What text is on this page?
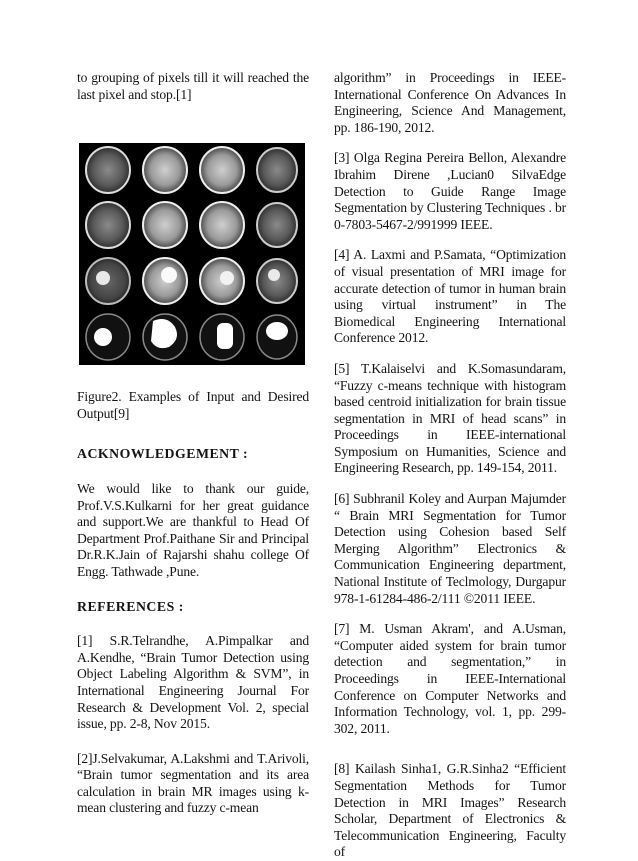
to grouping of pixels till it will reached the last pixel and stop.[1]

Figure2. Examples of Input and Desired Output[9]

ACKNOWLEDGEMENT :

We would like to thank our guide, Prof.V.S.Kulkarni for her great guidance and support.We are thankful to Head Of Department Prof.Paithane Sir and Principal Dr.R.K.Jain of Rajarshi shahu college Of Engg. Tathwade ,Pune.

REFERENCES :

[1] S.R.Telrandhe, A.Pimpalkar and A.Kendhe, “Brain Tumor Detection using Object Labeling Algorithm & SVM”, in International Engineering Journal For Research & Development Vol. 2, special issue, pp. 2-8, Nov 2015.

[2]J.Selvakumar, A.Lakshmi and T.Arivoli, “Brain tumor segmentation and its area calculation in brain MR images using k-mean clustering and fuzzy c-mean

algorithm” in Proceedings in IEEE-International Conference On Advances In Engineering, Science And Management, pp. 186-190, 2012.

[3] Olga Regina Pereira Bellon, Alexandre Ibrahim Direne ,Lucian0 SilvaEdge Detection to Guide Range Image Segmentation by Clustering Techniques . br 0-7803-5467-2/991999 IEEE.

[4] A. Laxmi and P.Samata, “Optimization of visual presentation of MRI image for accurate detection of tumor in human brain using virtual instrument” in The Biomedical Engineering International Conference 2012.

[5] T.Kalaiselvi and K.Somasundaram, “Fuzzy c-means technique with histogram based centroid initialization for brain tissue segmentation in MRI of head scans” in Proceedings in IEEE-international Symposium on Humanities, Science and Engineering Research, pp. 149-154, 2011.

[6] Subhranil Koley and Aurpan Majumder “ Brain MRI Segmentation for Tumor Detection using Cohesion based Self Merging Algorithm” Electronics & Communication Engineering department, National Institute of Teclmology, Durgapur 978-1-61284-486-2/111 ©2011 IEEE.

[7] M. Usman Akram', and A.Usman, “Computer aided system for brain tumor detection and segmentation,” in Proceedings in IEEE-International Conference on Computer Networks and Information Technology, vol. 1, pp. 299-302, 2011.

[8] Kailash Sinha1, G.R.Sinha2 “Efficient Segmentation Methods for Tumor Detection in MRI Images” Research Scholar, Department of Electronics & Telecommunication Engineering, Faculty of
